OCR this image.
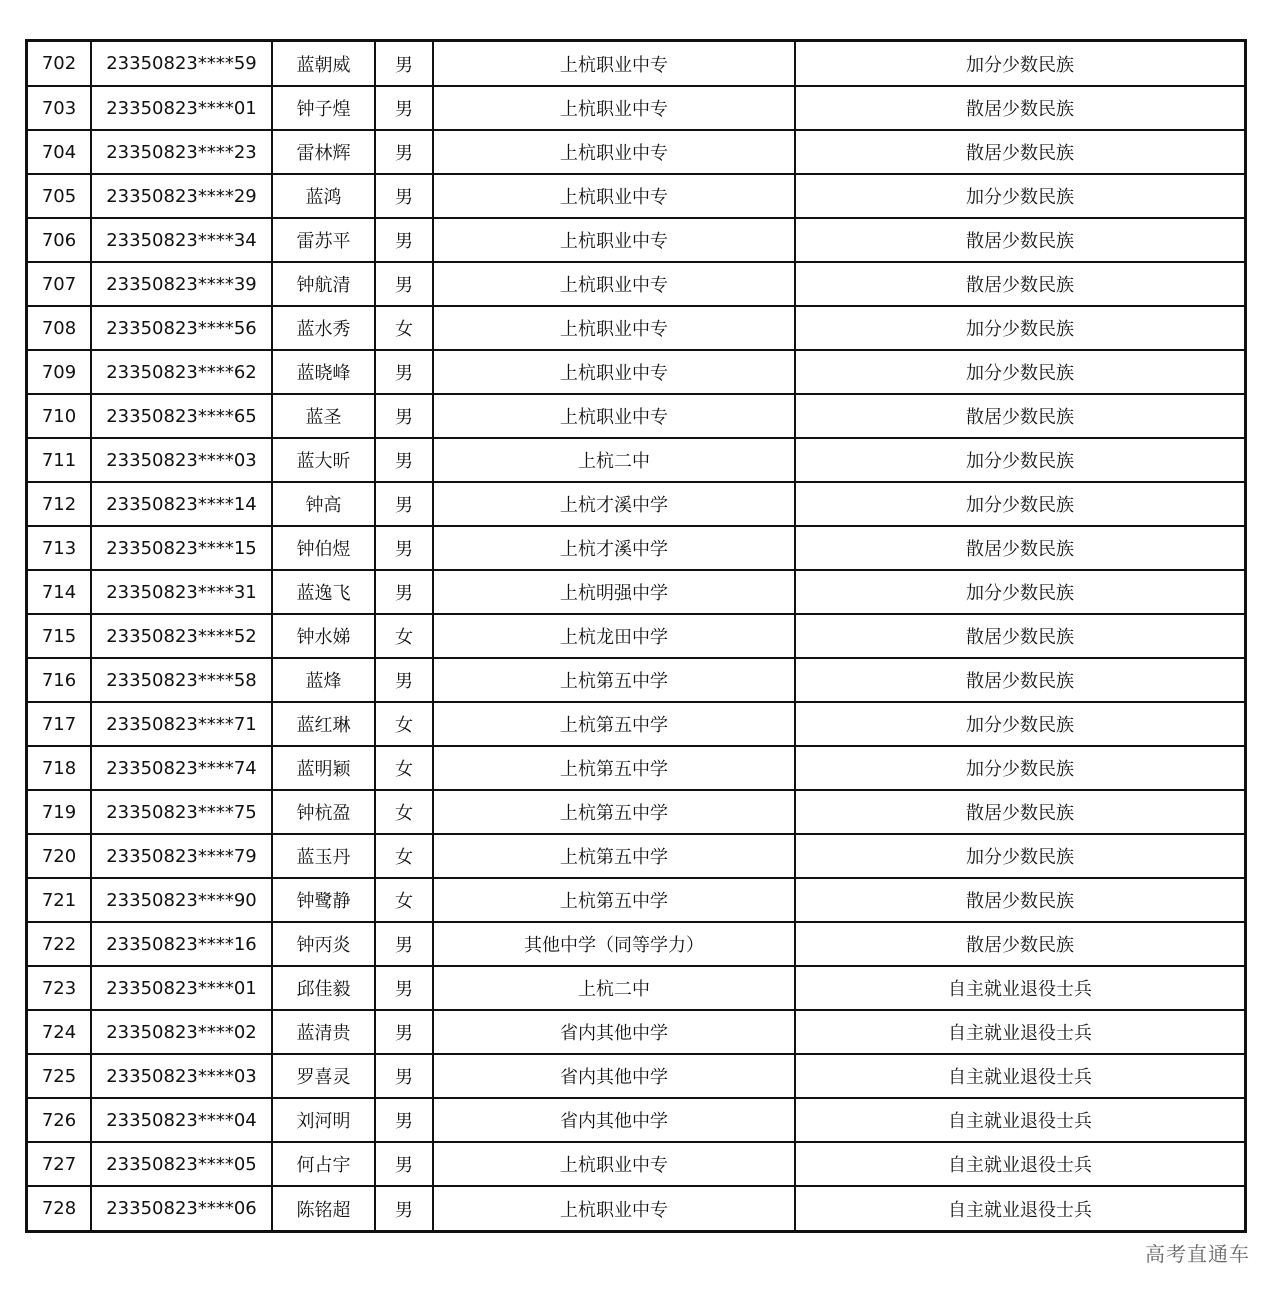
702	23350823****59	蓝朝威	男	上杭职业中专	加分少数民族
703	23350823****01	钟子煌	男	上杭职业中专	散居少数民族
704	23350823****23	雷林辉	男	上杭职业中专	散居少数民族
705	23350823****29	蓝鸿	男	上杭职业中专	加分少数民族
706	23350823****34	雷苏平	男	上杭职业中专	散居少数民族
707	23350823****39	钟航清	男	上杭职业中专	散居少数民族
708	23350823****56	蓝水秀	女	上杭职业中专	加分少数民族
709	23350823****62	蓝晓峰	男	上杭职业中专	加分少数民族
710	23350823****65	蓝圣	男	上杭职业中专	散居少数民族
711	23350823****03	蓝大昕	男	上杭二中	加分少数民族
712	23350823****14	钟高	男	上杭才溪中学	加分少数民族
713	23350823****15	钟伯煜	男	上杭才溪中学	散居少数民族
714	23350823****31	蓝逸飞	男	上杭明强中学	加分少数民族
715	23350823****52	钟水娣	女	上杭龙田中学	散居少数民族
716	23350823****58	蓝烽	男	上杭第五中学	散居少数民族
717	23350823****71	蓝红琳	女	上杭第五中学	加分少数民族
718	23350823****74	蓝明颖	女	上杭第五中学	加分少数民族
719	23350823****75	钟杭盈	女	上杭第五中学	散居少数民族
720	23350823****79	蓝玉丹	女	上杭第五中学	加分少数民族
721	23350823****90	钟鹭静	女	上杭第五中学	散居少数民族
722	23350823****16	钟丙炎	男	其他中学（同等学力）	散居少数民族
723	23350823****01	邱佳毅	男	上杭二中	自主就业退役士兵
724	23350823****02	蓝清贵	男	省内其他中学	自主就业退役士兵
725	23350823****03	罗喜灵	男	省内其他中学	自主就业退役士兵
726	23350823****04	刘河明	男	省内其他中学	自主就业退役士兵
727	23350823****05	何占宇	男	上杭职业中专	自主就业退役士兵
728	23350823****06	陈铭超	男	上杭职业中专	自主就业退役士兵
高考直通车
